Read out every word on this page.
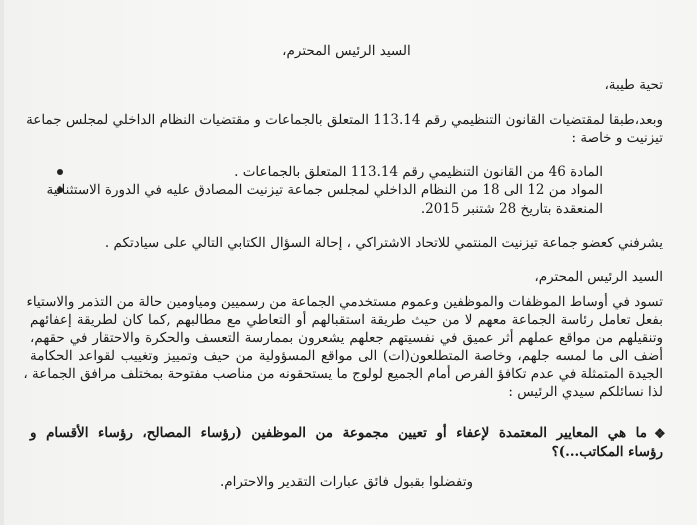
السيد الرئيس المحترم،
تحية طيبة،
وبعد،طبقا لمقتضيات القانون التنظيمي رقم 113.14 المتعلق بالجماعات و مقتضيات النظام الداخلي لمجلس جماعة
تيزنيت و خاصة :
المادة 46 من القانون التنظيمي رقم 113.14 المتعلق بالجماعات .
المواد من 12 الى 18 من النظام الداخلي لمجلس جماعة تيزنيت المصادق عليه في الدورة الاستثنائية
المنعقدة بتاريخ 28 شتنبر 2015.
يشرفني كعضو جماعة تيزنيت المنتمي للاتحاد الاشتراكي ، إحالة السؤال الكتابي التالي على سيادتكم .
السيد الرئيس المحترم،
تسود في أوساط الموظفات والموظفين وعموم مستخدمي الجماعة من رسميين ومياومين حالة من التذمر والاستياء
بفعل تعامل رئاسة الجماعة معهم لا من حيث طريقة استقبالهم أو التعاطي مع مطالبهم ,كما كان لطريقة إعفائهم
وتنقيلهم من مواقع عملهم أثر عميق في نفسيتهم جعلهم يشعرون بممارسة التعسف والحكرة والاحتقار في حقهم،
أضف الى ما لمسه جلهم، وخاصة المتطلعون(ات) الى مواقع المسؤولية من حيف وتمييز وتغييب لقواعد الحكامة
الجيدة المتمثلة في عدم تكافؤ الفرص أمام الجميع لولوج ما يستحقونه من مناصب مفتوحة بمختلف مرافق الجماعة ،
لذا نسائلكم سيدي الرئيس :
❖
ما هي المعايير المعتمدة لإعفاء أو تعيين مجموعة من الموظفين (رؤساء المصالح، رؤساء الأقسام و
رؤساء المكاتب...)؟
وتفضلوا بقبول فائق عبارات التقدير والاحترام.
